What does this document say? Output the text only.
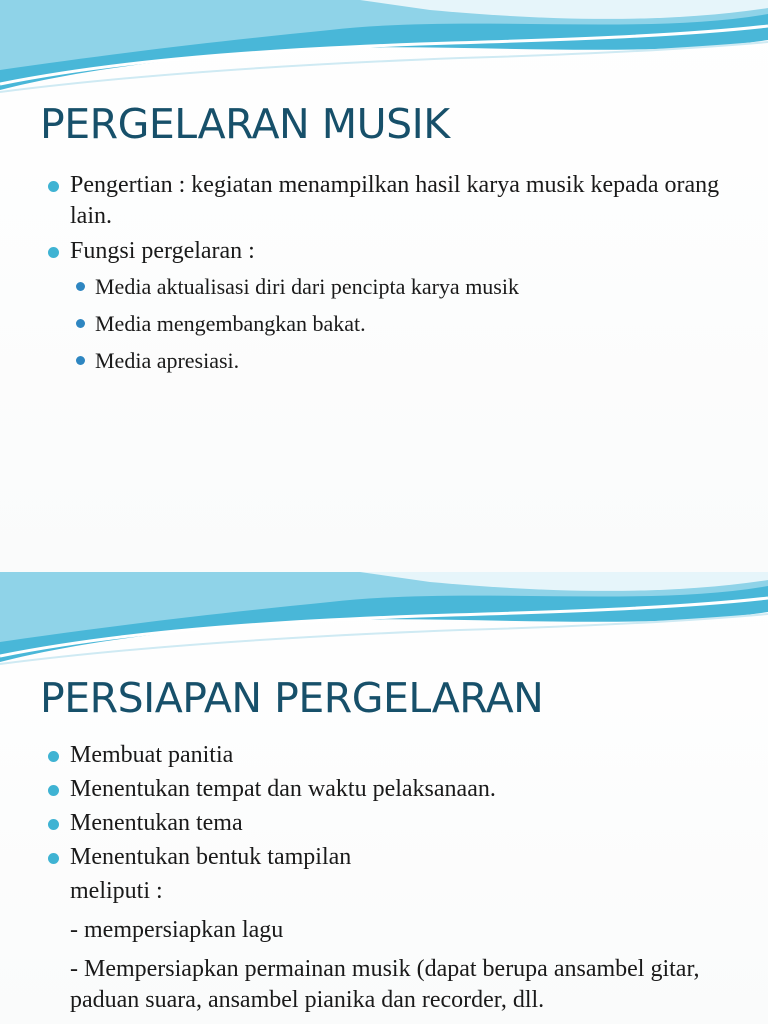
PERGELARAN MUSIK
Pengertian : kegiatan menampilkan hasil karya musik kepada orang lain.
Fungsi pergelaran :
Media aktualisasi diri dari pencipta karya musik
Media mengembangkan bakat.
Media apresiasi.
PERSIAPAN PERGELARAN
Membuat panitia
Menentukan tempat dan waktu pelaksanaan.
Menentukan tema
Menentukan bentuk tampilan
meliputi :
- mempersiapkan lagu
- Mempersiapkan permainan musik (dapat berupa ansambel gitar, paduan suara, ansambel pianika dan recorder, dll.
